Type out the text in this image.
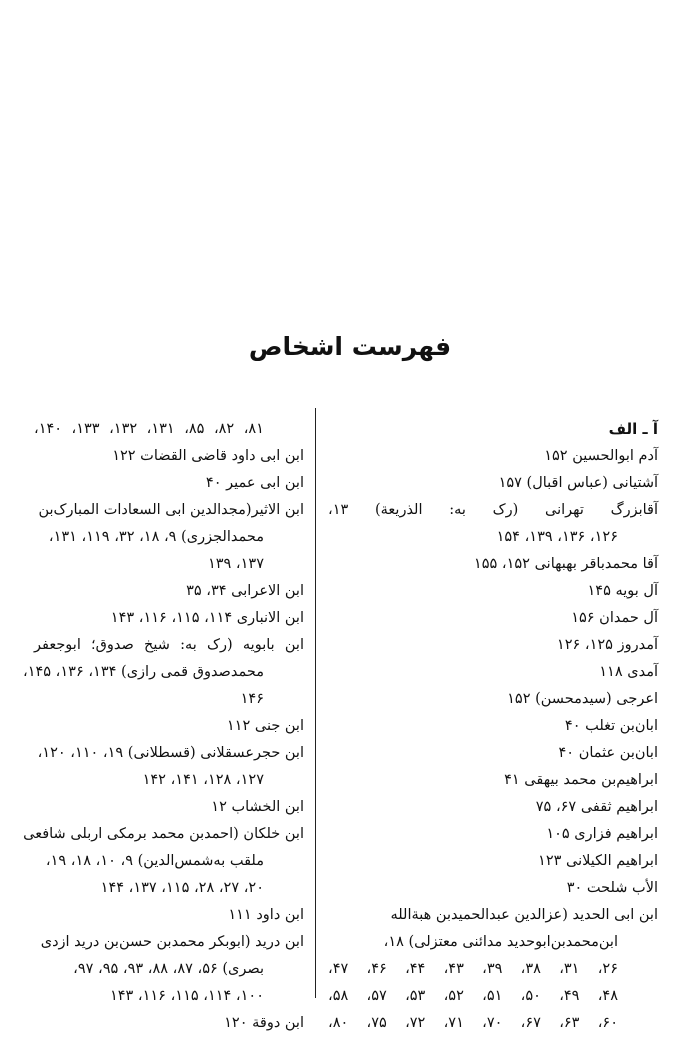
فهرست اشخاص
آ ـ الف
آدم ابوالحسین ۱۵۲
آشتیانی (عباس اقبال) ۱۵۷
آقابزرگ تهرانی (رک به: الذریعة) ۱۳،
۱۲۶، ۱۳۶، ۱۳۹، ۱۵۴
آقا محمدباقر بهبهانی ۱۵۲، ۱۵۵
آل بویه ۱۴۵
آل حمدان ۱۵۶
آمدروز ۱۲۵، ۱۲۶
آمدی ۱۱۸
اعرجی (سیدمحسن) ۱۵۲
ابان‌بن تغلب ۴۰
ابان‌بن عثمان ۴۰
ابراهیم‌بن محمد بیهقی ۴۱
ابراهیم ثقفی ۶۷، ۷۵
ابراهیم فزاری ۱۰۵
ابراهیم الکیلانی ۱۲۳
الأب شلحت ۳۰
ابن ابی الحدید (عزالدین عبدالحمیدبن هبةالله
ابن‌محمدبن‌ابوحدید مدائنی معتزلی) ۱۸،
۲۶، ۳۱، ۳۸، ۳۹، ۴۳، ۴۴، ۴۶، ۴۷،
۴۸، ۴۹، ۵۰، ۵۱، ۵۲، ۵۳، ۵۷، ۵۸،
۶۰، ۶۳، ۶۷، ۷۰، ۷۱، ۷۲، ۷۵، ۸۰،
۸۱، ۸۲، ۸۵، ۱۳۱، ۱۳۲، ۱۳۳، ۱۴۰،
ابن ابی داود قاضی القضات ۱۲۲
ابن ابی عمیر ۴۰
ابن الاثیر(مجدالدین ابی السعادات المبارک‌بن
محمدالجزری) ۹، ۱۸، ۳۲، ۱۱۹، ۱۳۱،
۱۳۷، ۱۳۹
ابن الاعرابی ۳۴، ۳۵
ابن الانباری ۱۱۴، ۱۱۵، ۱۱۶، ۱۴۳
ابن بابویه (رک به: شیخ صدوق؛ ابوجعفر
محمدصدوق قمی رازی) ۱۳۴، ۱۳۶، ۱۴۵،
۱۴۶
ابن جنی ۱۱۲
ابن حجرعسقلانی (قسطلانی) ۱۹، ۱۱۰، ۱۲۰،
۱۲۷، ۱۲۸، ۱۴۱، ۱۴۲
ابن الخشاب ۱۲
ابن خلکان (احمدبن محمد برمکی اربلی شافعی
ملقب به‌شمس‌الدین) ۹، ۱۰، ۱۸، ۱۹،
۲۰، ۲۷، ۲۸، ۱۱۵، ۱۳۷، ۱۴۴
ابن داود ۱۱۱
ابن درید (ابوبکر محمدبن حسن‌بن درید ازدی
بصری) ۵۶، ۸۷، ۸۸، ۹۳، ۹۵، ۹۷،
۱۰۰، ۱۱۴، ۱۱۵، ۱۱۶، ۱۴۳
ابن دوقة ۱۲۰
